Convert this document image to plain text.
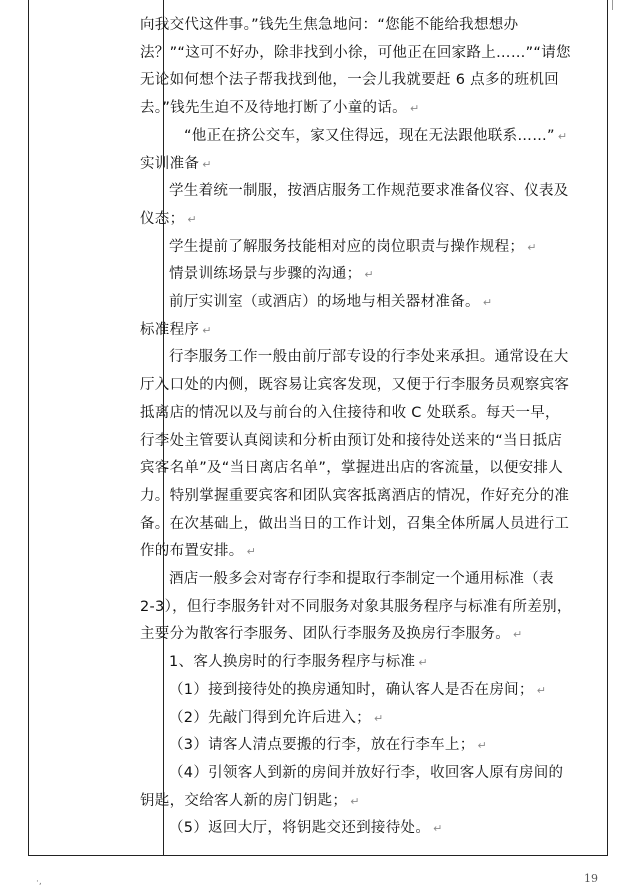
向我交代这件事。”钱先生焦急地问：“您能不能给我想想办法？”“这可不好办，除非找到小徐，可他正在回家路上……”“请您无论如何想个法子帮我找到他，一会儿我就要赶 6 点多的班机回去。”钱先生迫不及待地打断了小童的话。 ↵

“他正在挤公交车，家又住得远，现在无法跟他联系……” ↵

实训准备 ↵

学生着统一制服，按酒店服务工作规范要求准备仪容、仪表及仪态； ↵

学生提前了解服务技能相对应的岗位职责与操作规程； ↵

情景训练场景与步骤的沟通； ↵

前厅实训室（或酒店）的场地与相关器材准备。 ↵

标准程序 ↵

行李服务工作一般由前厅部专设的行李处来承担。通常设在大厅入口处的内侧，既容易让宾客发现，又便于行李服务员观察宾客抵离店的情况以及与前台的入住接待和收 C 处联系。每天一早，行李处主管要认真阅读和分析由预订处和接待处送来的“当日抵店宾客名单”及“当日离店名单”，掌握进出店的客流量，以便安排人力。特别掌握重要宾客和团队宾客抵离酒店的情况，作好充分的准备。在次基础上，做出当日的工作计划，召集全体所属人员进行工作的布置安排。 ↵

酒店一般多会对寄存行李和提取行李制定一个通用标准（表 2-3），但行李服务针对不同服务对象其服务程序与标准有所差别，主要分为散客行李服务、团队行李服务及换房行李服务。 ↵

1、客人换房时的行李服务程序与标准 ↵

（1）接到接待处的换房通知时，确认客人是否在房间； ↵

（2）先敲门得到允许后进入； ↵

（3）请客人清点要搬的行李，放在行李车上； ↵

（4）引领客人到新的房间并放好行李，收回客人原有房间的钥匙，交给客人新的房门钥匙； ↵

（5）返回大厅，将钥匙交还到接待处。 ↵

·,	19
